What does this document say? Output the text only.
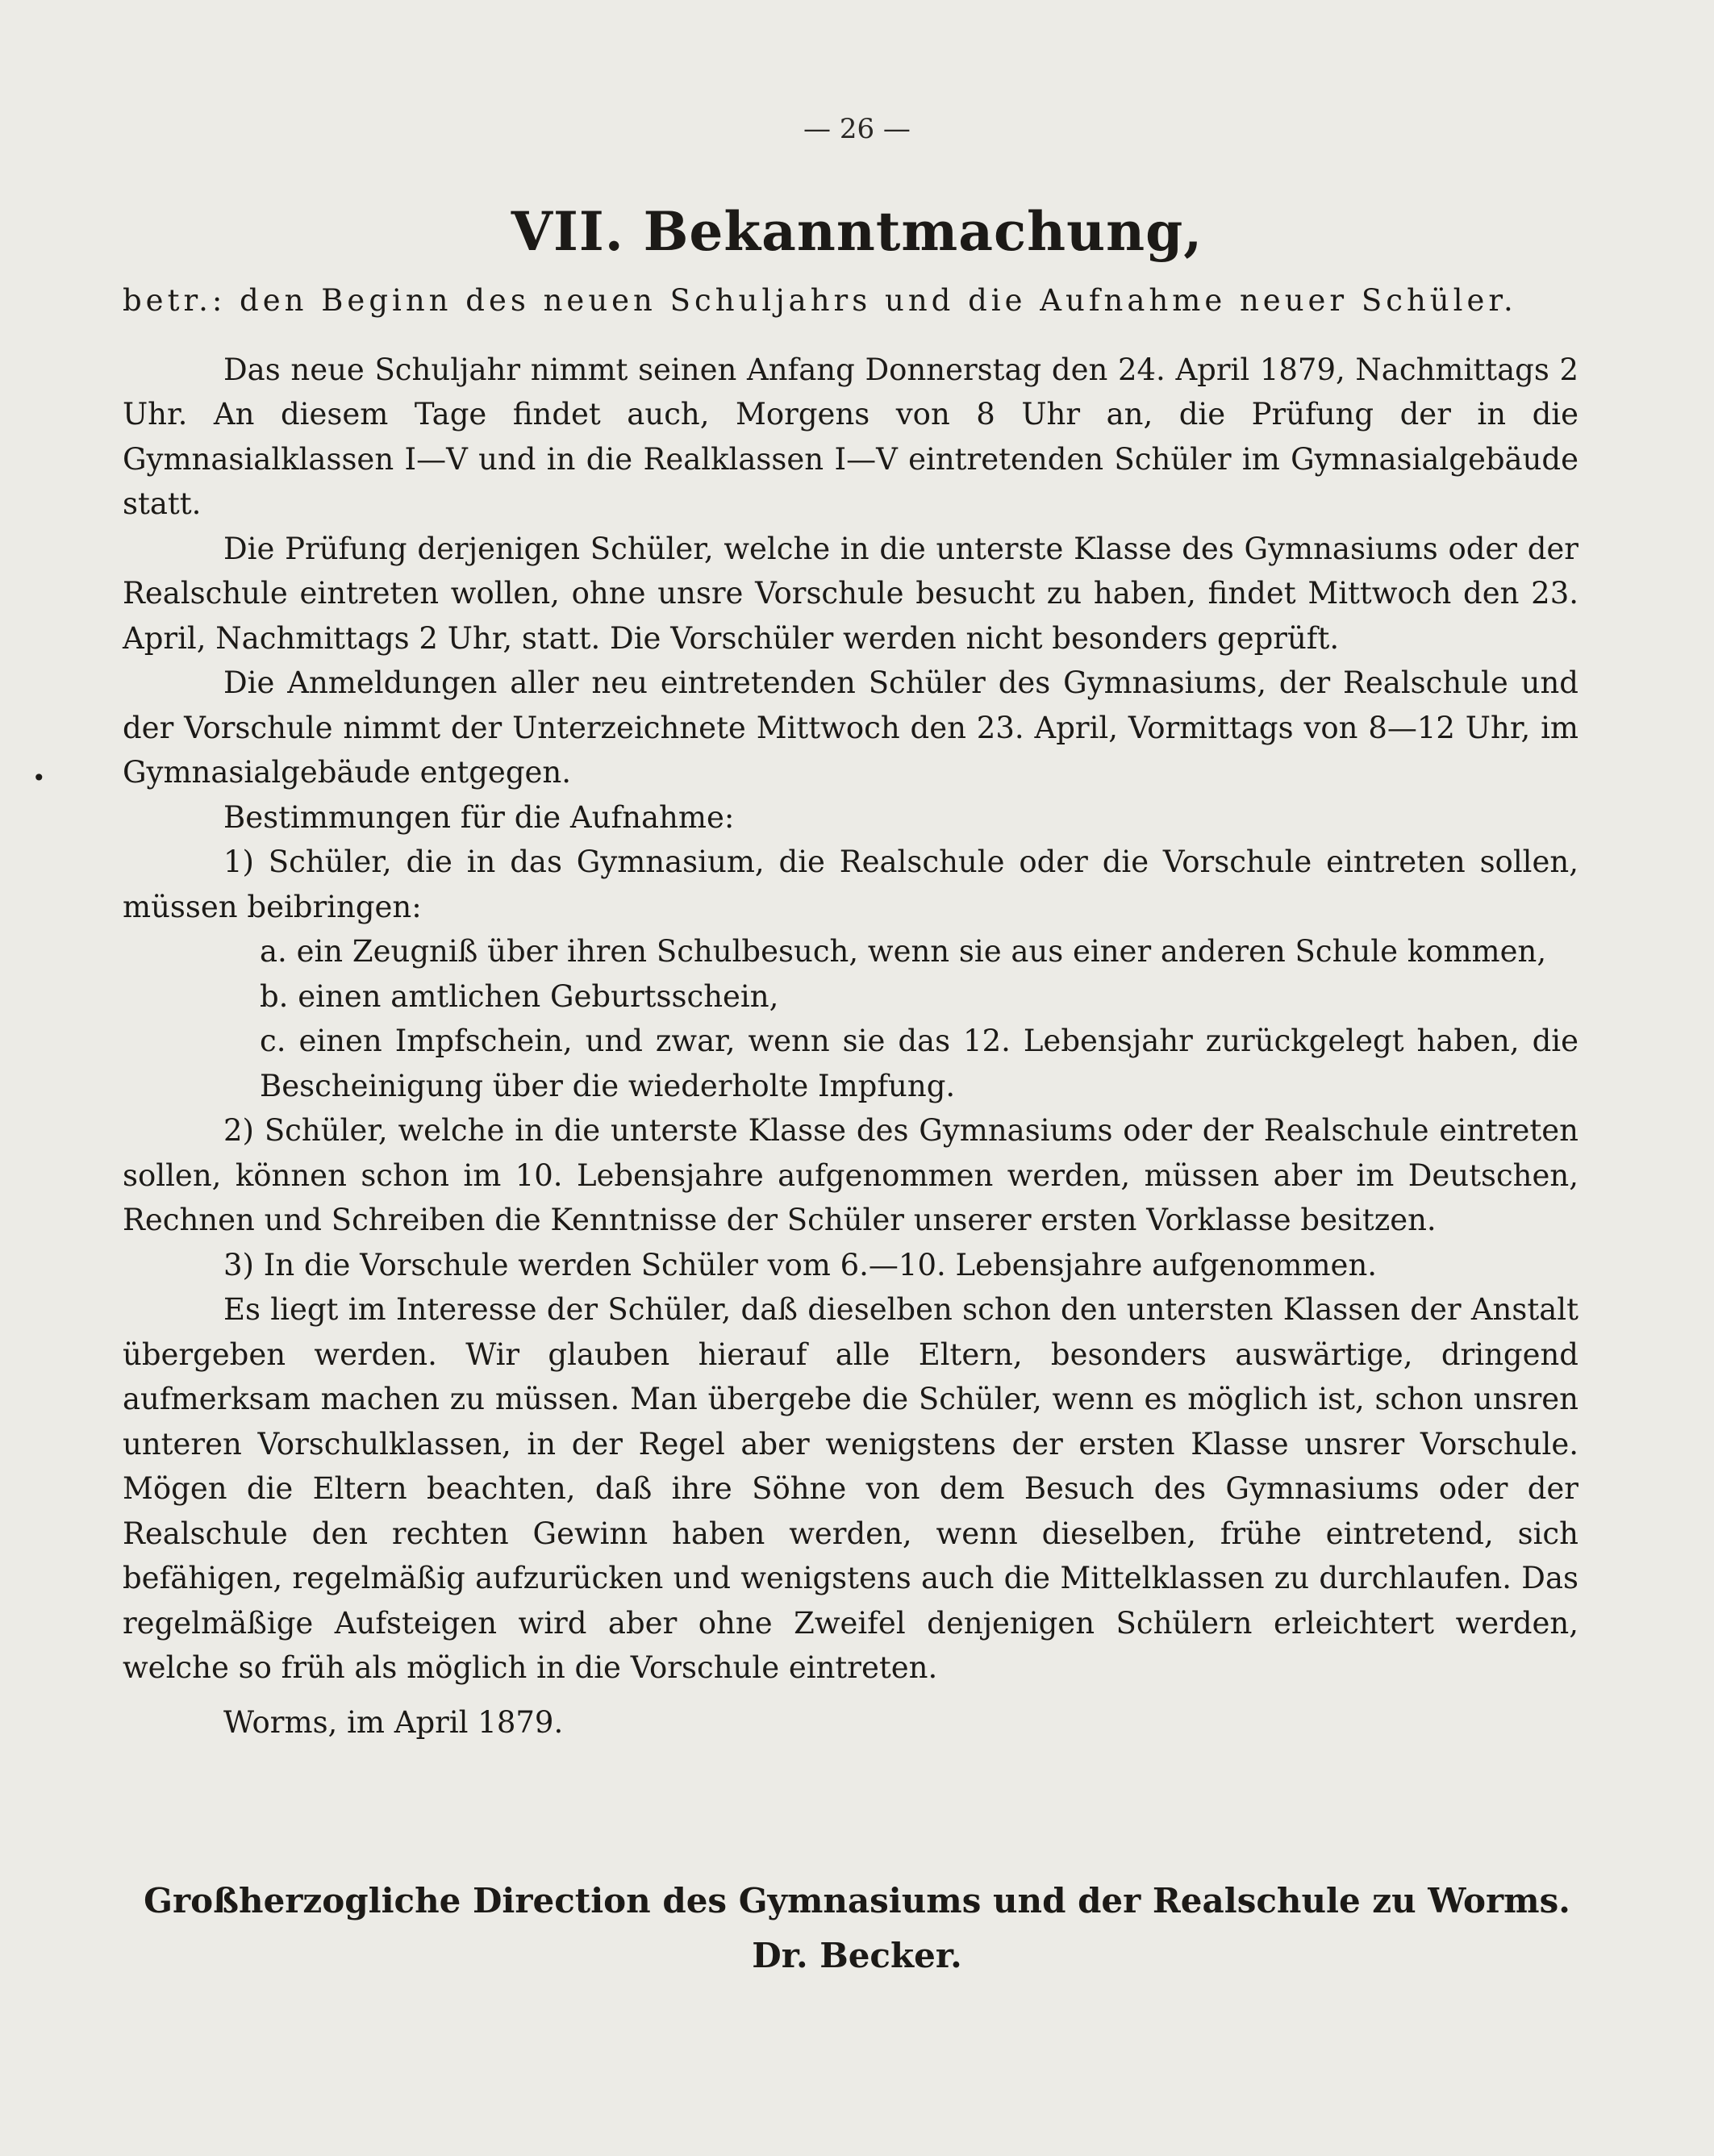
— 26 —
VII. Bekanntmachung,
•

betr.: den Beginn des neuen Schuljahrs und die Aufnahme neuer Schüler.

Das neue Schuljahr nimmt seinen Anfang Donnerstag den 24. April 1879, Nachmittags 2 Uhr. An diesem Tage findet auch, Morgens von 8 Uhr an, die Prüfung der in die Gymnasialklassen I—V und in die Realklassen I—V eintretenden Schüler im Gymnasialgebäude statt.

Die Prüfung derjenigen Schüler, welche in die unterste Klasse des Gymnasiums oder der Realschule eintreten wollen, ohne unsre Vorschule besucht zu haben, findet Mittwoch den 23. April, Nachmittags 2 Uhr, statt. Die Vorschüler werden nicht besonders geprüft.

Die Anmeldungen aller neu eintretenden Schüler des Gymnasiums, der Realschule und der Vorschule nimmt der Unterzeichnete Mittwoch den 23. April, Vormittags von 8—12 Uhr, im Gymnasialgebäude entgegen.

Bestimmungen für die Aufnahme:

1) Schüler, die in das Gymnasium, die Realschule oder die Vorschule eintreten sollen, müssen beibringen:

a. ein Zeugniß über ihren Schulbesuch, wenn sie aus einer anderen Schule kommen,

b. einen amtlichen Geburtsschein,

c. einen Impfschein, und zwar, wenn sie das 12. Lebensjahr zurückgelegt haben, die Bescheinigung über die wiederholte Impfung.

2) Schüler, welche in die unterste Klasse des Gymnasiums oder der Realschule eintreten sollen, können schon im 10. Lebensjahre aufgenommen werden, müssen aber im Deutschen, Rechnen und Schreiben die Kenntnisse der Schüler unserer ersten Vorklasse besitzen.

3) In die Vorschule werden Schüler vom 6.—10. Lebensjahre aufgenommen.

Es liegt im Interesse der Schüler, daß dieselben schon den untersten Klassen der Anstalt übergeben werden. Wir glauben hierauf alle Eltern, besonders auswärtige, dringend aufmerksam machen zu müssen. Man übergebe die Schüler, wenn es möglich ist, schon unsren unteren Vorschulklassen, in der Regel aber wenigstens der ersten Klasse unsrer Vorschule. Mögen die Eltern beachten, daß ihre Söhne von dem Besuch des Gymnasiums oder der Realschule den rechten Gewinn haben werden, wenn dieselben, frühe eintretend, sich befähigen, regelmäßig aufzurücken und wenigstens auch die Mittelklassen zu durchlaufen. Das regelmäßige Aufsteigen wird aber ohne Zweifel denjenigen Schülern erleichtert werden, welche so früh als möglich in die Vorschule eintreten.

Worms, im April 1879.

Großherzogliche Direction des Gymnasiums und der Realschule zu Worms.
Dr. Becker.
